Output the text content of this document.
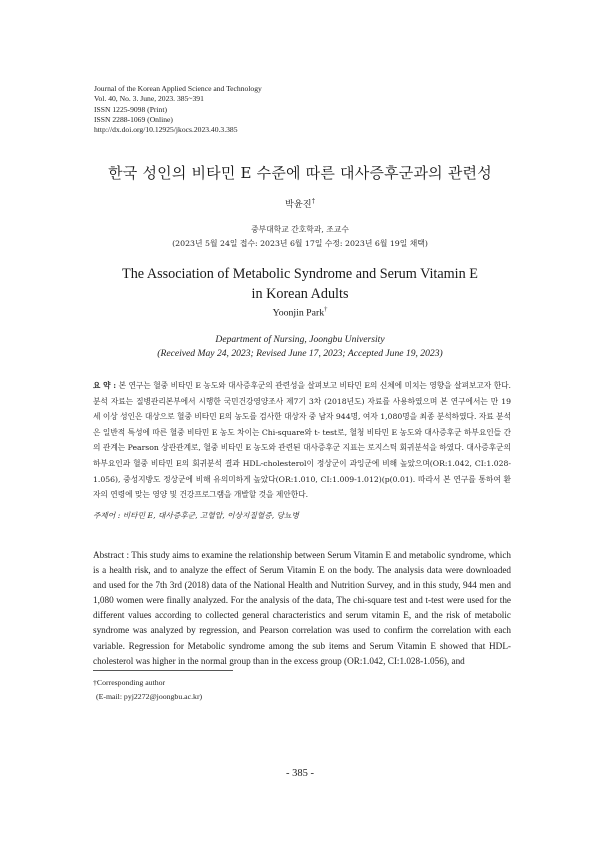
Journal of the Korean Applied Science and Technology
Vol. 40, No. 3. June, 2023. 385~391
ISSN 1225-9098 (Print)
ISSN 2288-1069 (Online)
http://dx.doi.org/10.12925/jkocs.2023.40.3.385
한국 성인의 비타민 E 수준에 따른 대사증후군과의 관련성
박윤진†
중부대학교 간호학과, 조교수
(2023년 5월 24일 접수: 2023년 6월 17일 수정: 2023년 6월 19일 채택)
The Association of Metabolic Syndrome and Serum Vitamin E
in Korean Adults
Yoonjin Park†
Department of Nursing, Joongbu University
(Received May 24, 2023; Revised June 17, 2023; Accepted June 19, 2023)
요 약 : 본 연구는 혈중 비타민 E 농도와 대사증후군의 관련성을 살펴보고 비타민 E의 신체에 미치는 영향을 살펴보고자 한다. 분석 자료는 질병관리본부에서 시행한 국민건강영양조사 제7기 3차 (2018년도) 자료를 사용하였으며 본 연구에서는 만 19세 이상 성인은 대상으로 혈중 비타민 E의 농도를 검사한 대상자 중 남자 944명, 여자 1,080명을 최종 분석하였다. 자료 분석은 일반적 특성에 따른 혈중 비타민 E 농도 차이는 Chi-square와 t- test로, 혈청 비타민 E 농도와 대사증후군 하부요인들 간의 관계는 Pearson 상관관계로, 혈중 비타민 E 농도와 관련된 대사증후군 지표는 로지스틱 회귀분석을 하였다. 대사증후군의 하부요인과 혈중 비타민 E의 회귀분석 결과 HDL-cholesterol이 정상군이 과잉군에 비해 높았으며(OR:1.042, CI:1.028-1.056), 중성지방도 정상군에 비해 유의미하게 높았다(OR:1.010, CI:1.009-1.012)(p(0.01). 따라서 본 연구를 통하여 환자의 연령에 맞는 영양 및 건강프로그램을 개발할 것을 제안한다.
주제어 : 비타민 E, 대사증후군, 고혈압, 이상지질혈증, 당뇨병
Abstract : This study aims to examine the relationship between Serum Vitamin E and metabolic syndrome, which is a health risk, and to analyze the effect of Serum Vitamin E on the body. The analysis data were downloaded and used for the 7th 3rd (2018) data of the National Health and Nutrition Survey, and in this study, 944 men and 1,080 women were finally analyzed. For the analysis of the data, The chi-square test and t-test were used for the different values according to collected general characteristics and serum vitamin E, and the risk of metabolic syndrome was analyzed by regression, and Pearson correlation was used to confirm the correlation with each variable. Regression for Metabolic syndrome among the sub items and Serum Vitamin E showed that HDL-cholesterol was higher in the normal group than in the excess group (OR:1.042, CI:1.028-1.056), and
†Corresponding author
(E-mail: pyj2272@joongbu.ac.kr)
- 385 -
